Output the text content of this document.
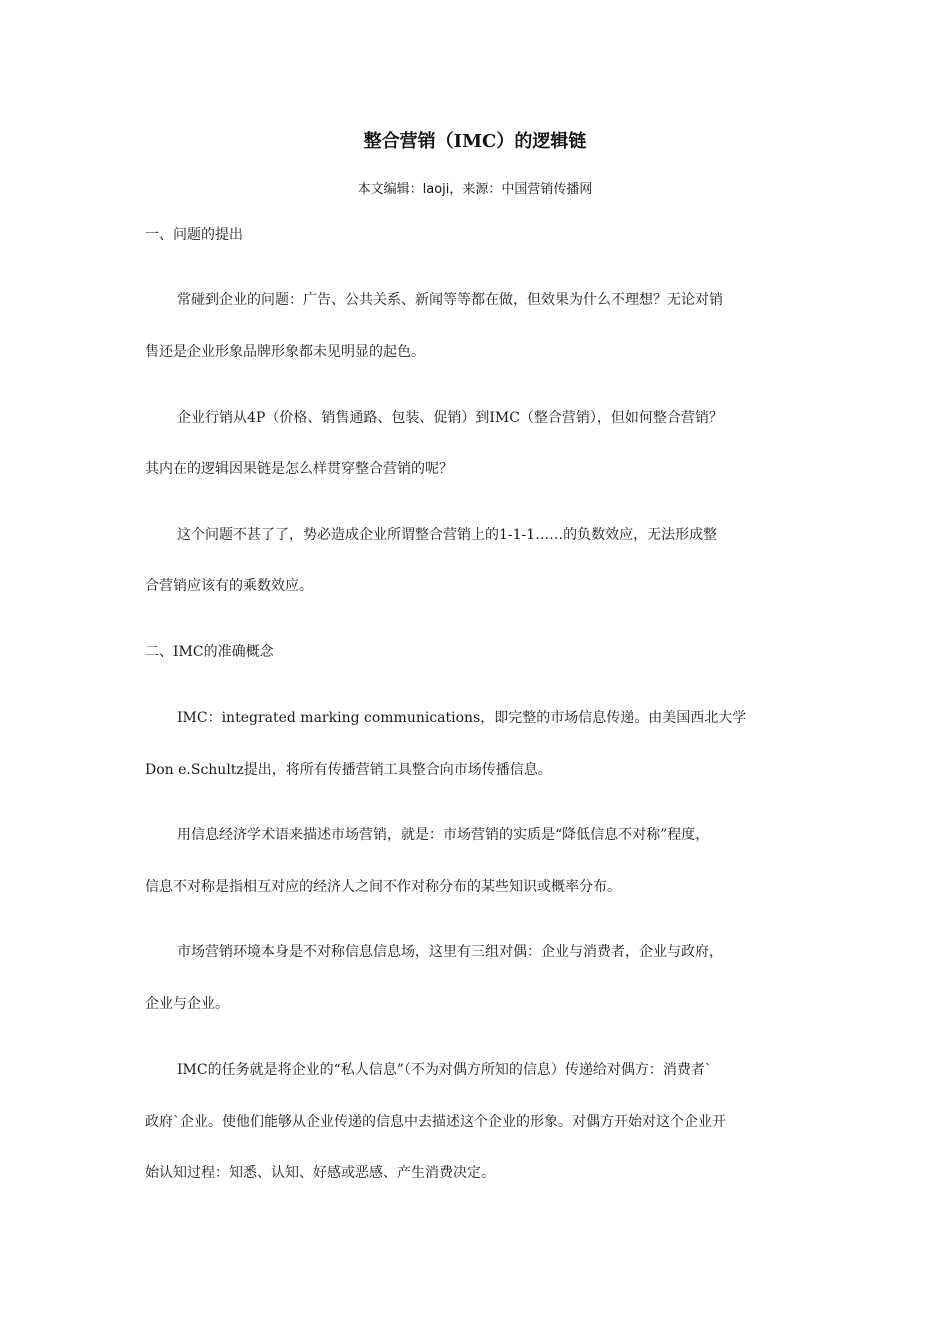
整合营销（IMC）的逻辑链
本文编辑：laoji，来源：中国营销传播网
一、问题的提出
常碰到企业的问题：广告、公共关系、新闻等等都在做，但效果为什么不理想？无论对销
售还是企业形象品牌形象都未见明显的起色。
企业行销从4P（价格、销售通路、包装、促销）到IMC（整合营销），但如何整合营销？
其内在的逻辑因果链是怎么样贯穿整合营销的呢？
这个问题不甚了了，势必造成企业所谓整合营销上的1-1-1……的负数效应，无法形成整
合营销应该有的乘数效应。
二、IMC的准确概念
IMC：integrated marking communications，即完整的市场信息传递。由美国西北大学
Don e.Schultz提出，将所有传播营销工具整合向市场传播信息。
用信息经济学术语来描述市场营销，就是：市场营销的实质是“降低信息不对称”程度，
信息不对称是指相互对应的经济人之间不作对称分布的某些知识或概率分布。
市场营销环境本身是不对称信息信息场，这里有三组对偶：企业与消费者，企业与政府，
企业与企业。
IMC的任务就是将企业的“私人信息”（不为对偶方所知的信息）传递给对偶方：消费者`
政府`企业。使他们能够从企业传递的信息中去描述这个企业的形象。对偶方开始对这个企业开
始认知过程：知悉、认知、好感或恶感、产生消费决定。
